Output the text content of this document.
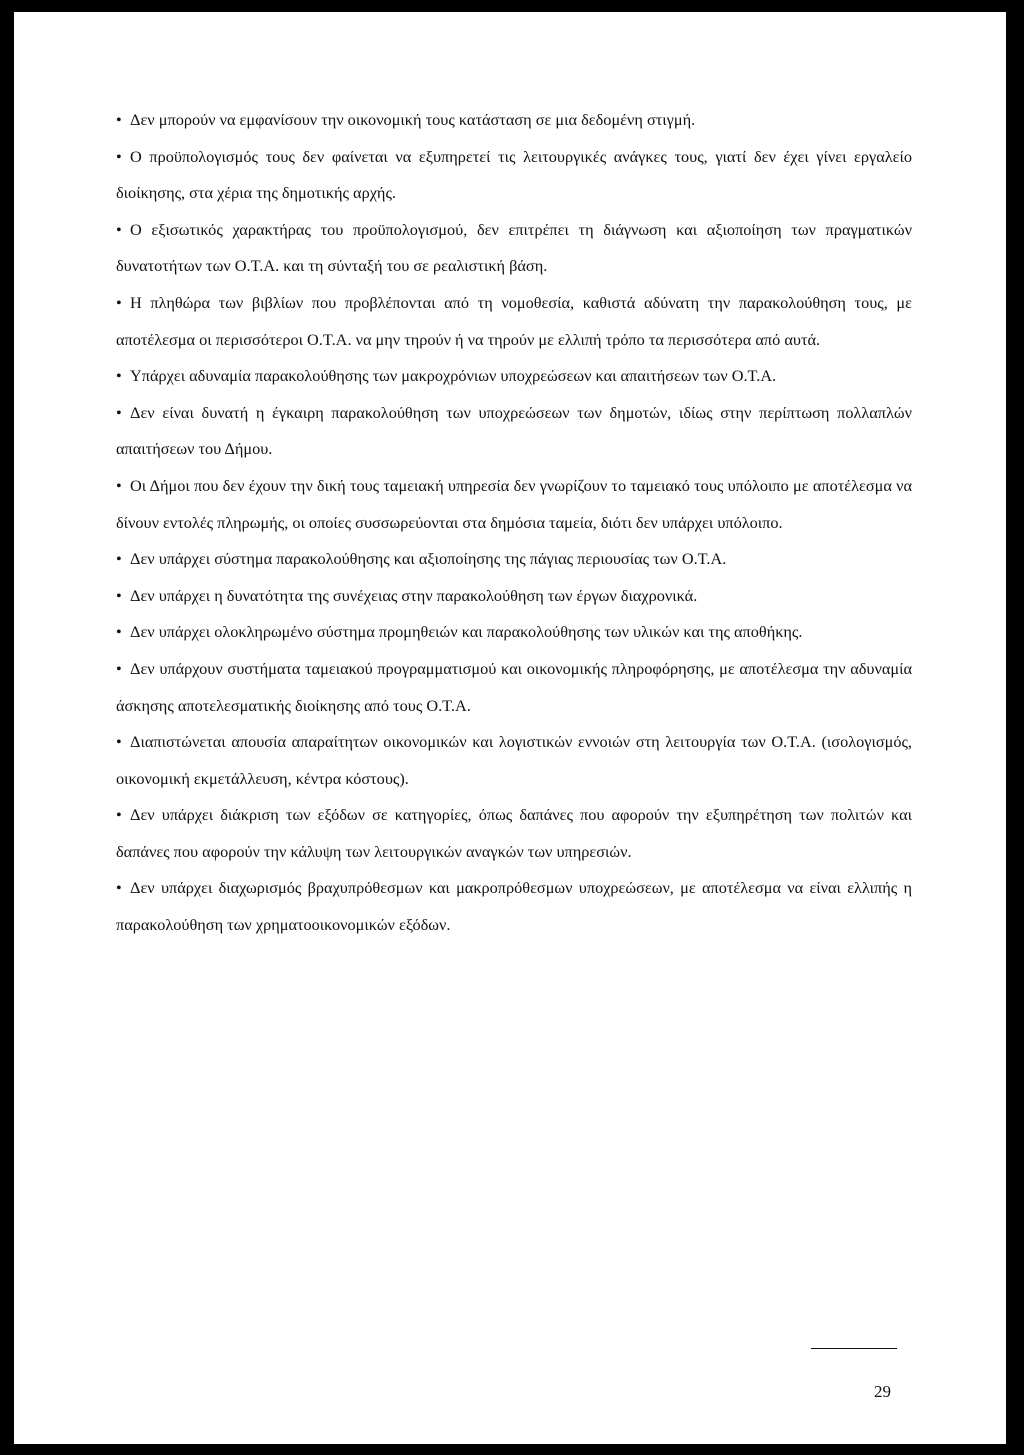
• Δεν μπορούν να εμφανίσουν την οικονομική τους κατάσταση σε μια δεδομένη στιγμή.

• Ο προϋπολογισμός τους δεν φαίνεται να εξυπηρετεί τις λειτουργικές ανάγκες τους, γιατί δεν έχει γίνει εργαλείο διοίκησης, στα χέρια της δημοτικής αρχής.

• Ο εξισωτικός χαρακτήρας του προϋπολογισμού, δεν επιτρέπει τη διάγνωση και αξιοποίηση των πραγματικών δυνατοτήτων των Ο.Τ.Α. και τη σύνταξή του σε ρεαλιστική βάση.

• Η πληθώρα των βιβλίων που προβλέπονται από τη νομοθεσία, καθιστά αδύνατη την παρακολούθηση τους, με αποτέλεσμα οι περισσότεροι Ο.Τ.Α. να μην τηρούν ή να τηρούν με ελλιπή τρόπο τα περισσότερα από αυτά.

• Υπάρχει αδυναμία παρακολούθησης των μακροχρόνιων υποχρεώσεων και απαιτήσεων των Ο.Τ.Α.

• Δεν είναι δυνατή η έγκαιρη παρακολούθηση των υποχρεώσεων των δημοτών, ιδίως στην περίπτωση πολλαπλών απαιτήσεων του Δήμου.

• Οι Δήμοι που δεν έχουν την δική τους ταμειακή υπηρεσία δεν γνωρίζουν το ταμειακό τους υπόλοιπο με αποτέλεσμα να δίνουν εντολές πληρωμής, οι οποίες συσσωρεύονται στα δημόσια ταμεία, διότι δεν υπάρχει υπόλοιπο.

• Δεν υπάρχει σύστημα παρακολούθησης και αξιοποίησης της πάγιας περιουσίας των Ο.Τ.Α.

• Δεν υπάρχει η δυνατότητα της συνέχειας στην παρακολούθηση των έργων διαχρονικά.

• Δεν υπάρχει ολοκληρωμένο σύστημα προμηθειών και παρακολούθησης των υλικών και της αποθήκης.

• Δεν υπάρχουν συστήματα ταμειακού προγραμματισμού και οικονομικής πληροφόρησης, με αποτέλεσμα την αδυναμία άσκησης αποτελεσματικής διοίκησης από τους Ο.Τ.Α.

• Διαπιστώνεται απουσία απαραίτητων οικονομικών και λογιστικών εννοιών στη λειτουργία των Ο.Τ.Α. (ισολογισμός, οικονομική εκμετάλλευση, κέντρα κόστους).

• Δεν υπάρχει διάκριση των εξόδων σε κατηγορίες, όπως δαπάνες που αφορούν την εξυπηρέτηση των πολιτών και δαπάνες που αφορούν την κάλυψη των λειτουργικών αναγκών των υπηρεσιών.

• Δεν υπάρχει διαχωρισμός βραχυπρόθεσμων και μακροπρόθεσμων υποχρεώσεων, με αποτέλεσμα να είναι ελλιπής η παρακολούθηση των χρηματοοικονομικών εξόδων.

29
